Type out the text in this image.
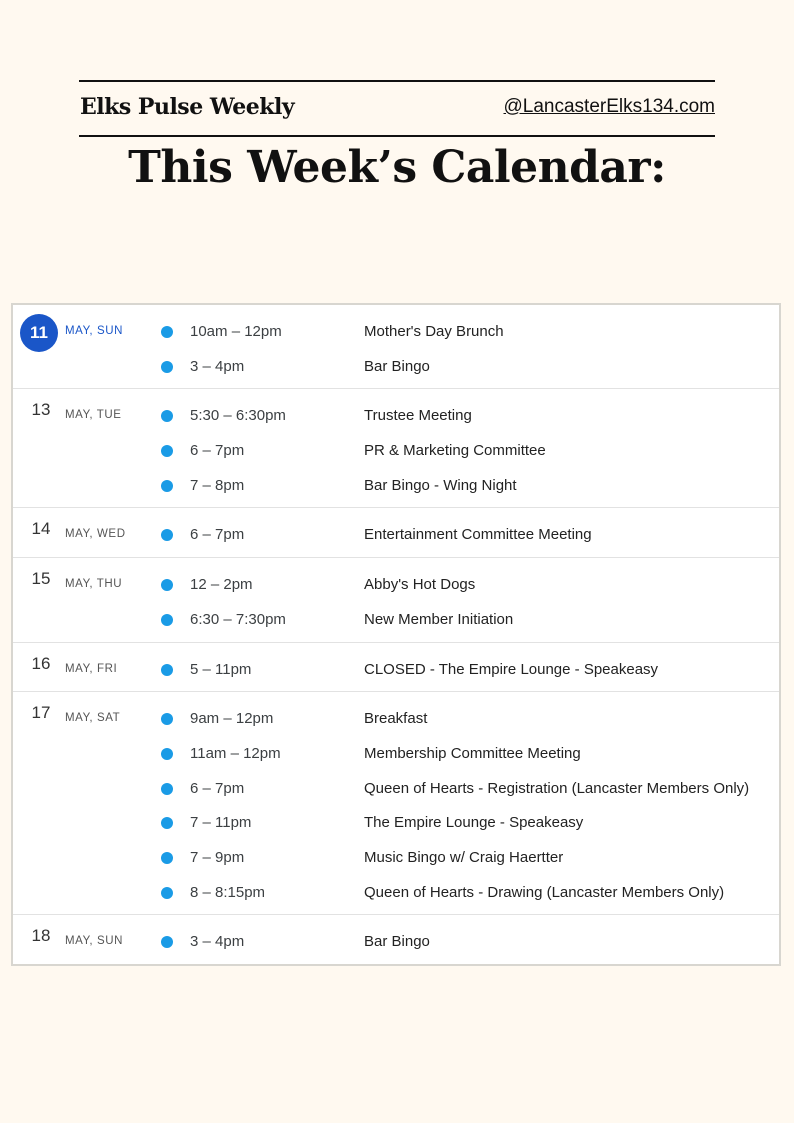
Elks Pulse Weekly	@LancasterElks134.com
This Week’s Calendar:
11	MAY, SUN	10am – 12pm	Mother's Day Brunch
3 – 4pm	Bar Bingo
13	MAY, TUE	5:30 – 6:30pm	Trustee Meeting
6 – 7pm	PR & Marketing Committee
7 – 8pm	Bar Bingo - Wing Night
14	MAY, WED	6 – 7pm	Entertainment Committee Meeting
15	MAY, THU	12 – 2pm	Abby's Hot Dogs
6:30 – 7:30pm	New Member Initiation
16	MAY, FRI	5 – 11pm	CLOSED - The Empire Lounge - Speakeasy
17	MAY, SAT	9am – 12pm	Breakfast
11am – 12pm	Membership Committee Meeting
6 – 7pm	Queen of Hearts - Registration (Lancaster Members Only)
7 – 11pm	The Empire Lounge - Speakeasy
7 – 9pm	Music Bingo w/ Craig Haertter
8 – 8:15pm	Queen of Hearts - Drawing (Lancaster Members Only)
18	MAY, SUN	3 – 4pm	Bar Bingo
